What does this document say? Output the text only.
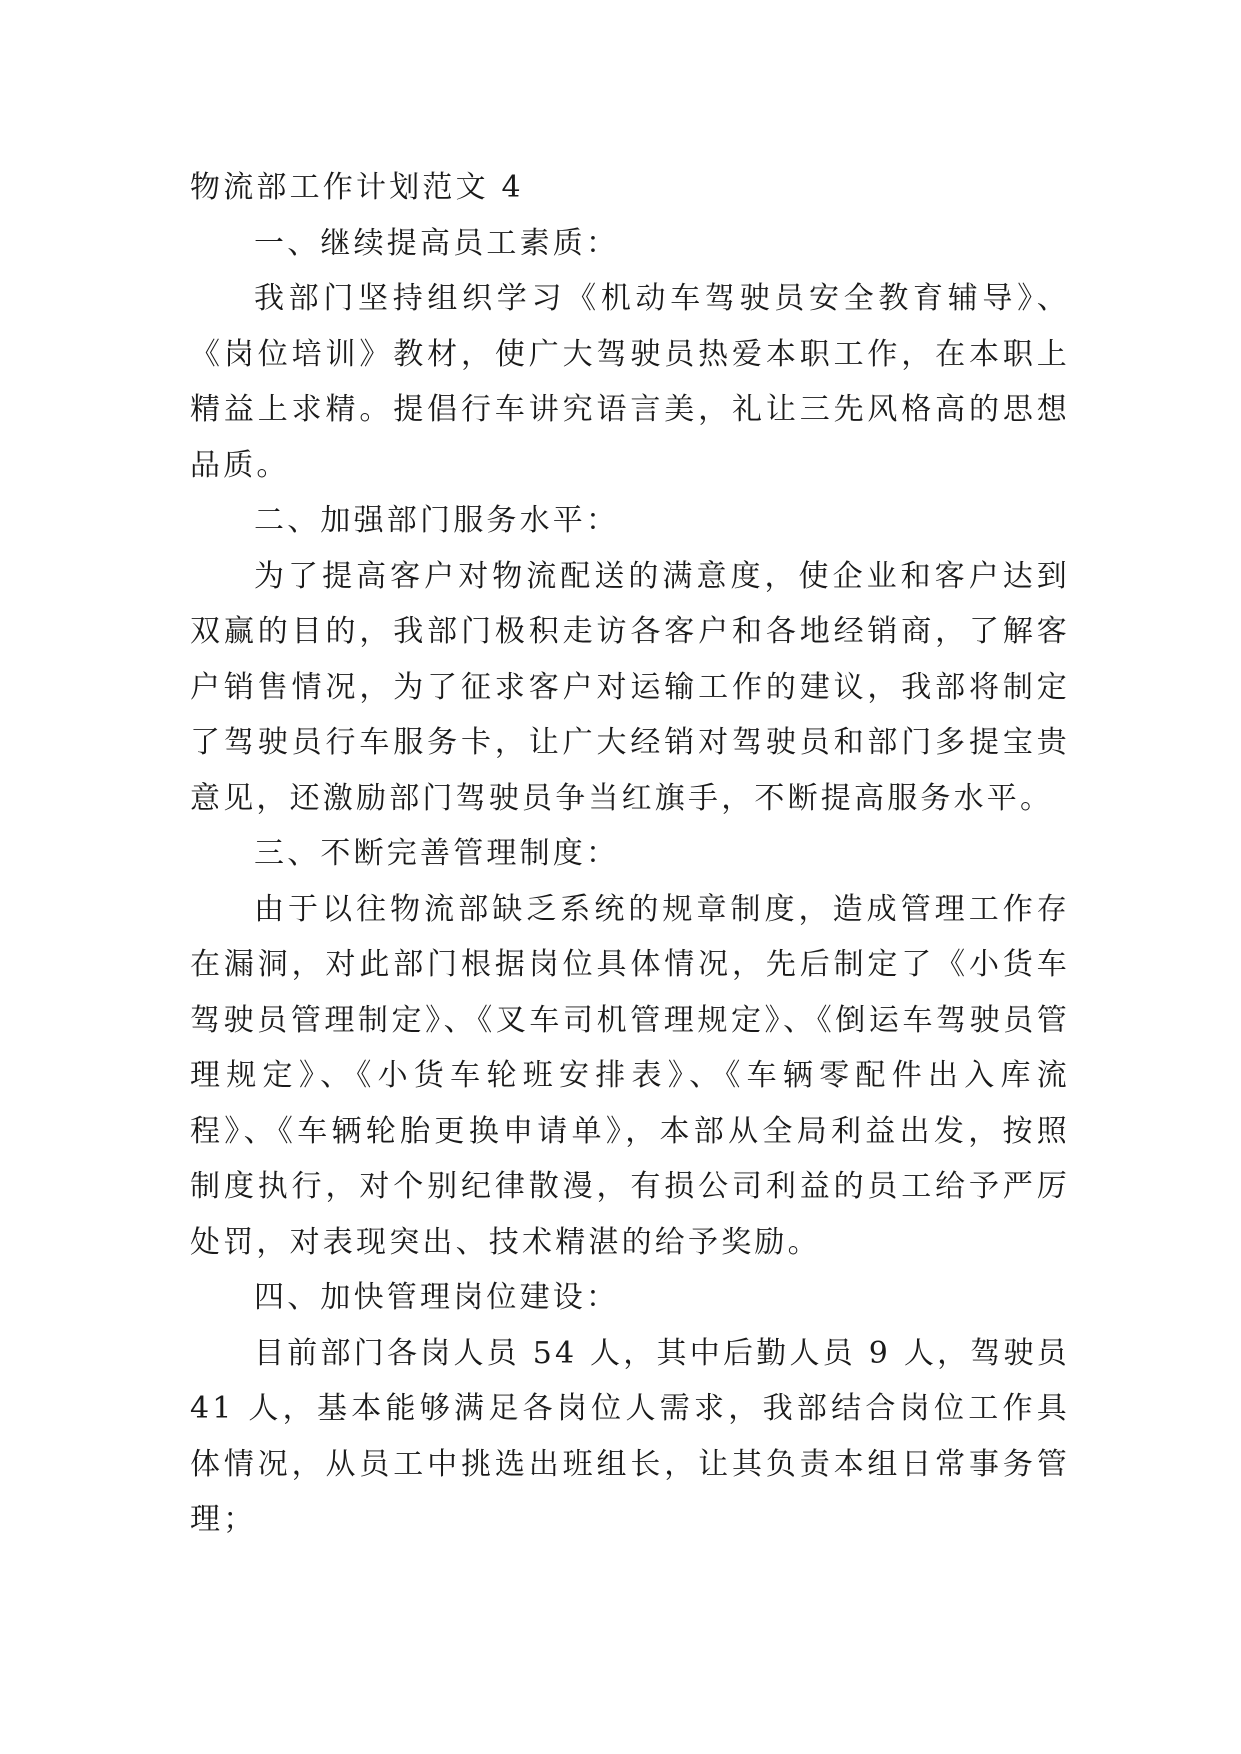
物流部工作计划范文 4

一、继续提高员工素质：

我部门坚持组织学习《机动车驾驶员安全教育辅导》、《岗位培训》教材，使广大驾驶员热爱本职工作，在本职上精益上求精。提倡行车讲究语言美，礼让三先风格高的思想品质。

二、加强部门服务水平：

为了提高客户对物流配送的满意度，使企业和客户达到双赢的目的，我部门极积走访各客户和各地经销商，了解客户销售情况，为了征求客户对运输工作的建议，我部将制定了驾驶员行车服务卡，让广大经销对驾驶员和部门多提宝贵意见，还激励部门驾驶员争当红旗手，不断提高服务水平。

三、不断完善管理制度：

由于以往物流部缺乏系统的规章制度，造成管理工作存在漏洞，对此部门根据岗位具体情况，先后制定了《小货车驾驶员管理制定》、《叉车司机管理规定》、《倒运车驾驶员管理规定》、《小货车轮班安排表》、《车辆零配件出入库流程》、《车辆轮胎更换申请单》，本部从全局利益出发，按照制度执行，对个别纪律散漫，有损公司利益的员工给予严厉处罚，对表现突出、技术精湛的给予奖励。

四、加快管理岗位建设：

目前部门各岗人员 54 人，其中后勤人员 9 人，驾驶员 41 人，基本能够满足各岗位人需求，我部结合岗位工作具体情况，从员工中挑选出班组长，让其负责本组日常事务管理；
